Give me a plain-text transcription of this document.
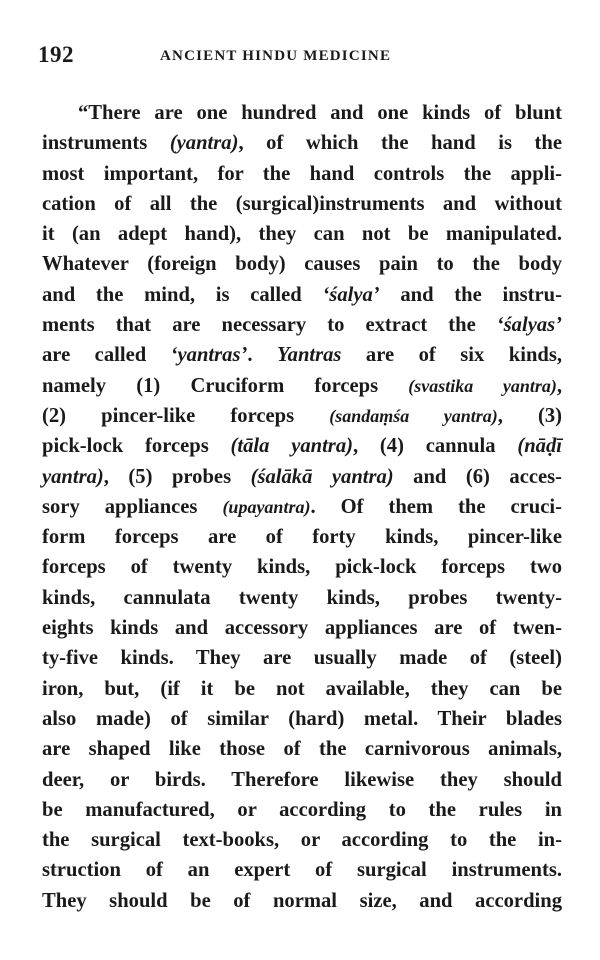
192	ANCIENT HINDU MEDICINE
“There are one hundred and one kinds of blunt
instruments (yantra), of which the hand is the
most important, for the hand controls the appli-
cation of all the (surgical)instruments and without
it (an adept hand), they can not be manipulated.
Whatever (foreign body) causes pain to the body
and the mind, is called ‘śalya’ and the instru-
ments that are necessary to extract the ‘śalyas’
are called ‘yantras’. Yantras are of six kinds,
namely (1) Cruciform forceps (svastika yantra),
(2) pincer-like forceps (sandaṃśa yantra), (3)
pick-lock forceps (tāla yantra), (4) cannula (nāḍī
yantra), (5) probes (śalākā yantra) and (6) acces-
sory appliances (upayantra). Of them the cruci-
form forceps are of forty kinds, pincer-like
forceps of twenty kinds, pick-lock forceps two
kinds, cannulata twenty kinds, probes twenty-
eights kinds and accessory appliances are of twen-
ty-five kinds. They are usually made of (steel)
iron, but, (if it be not available, they can be
also made) of similar (hard) metal. Their blades
are shaped like those of the carnivorous animals,
deer, or birds. Therefore likewise they should
be manufactured, or according to the rules in
the surgical text-books, or according to the in-
struction of an expert of surgical instruments.
They should be of normal size, and according
